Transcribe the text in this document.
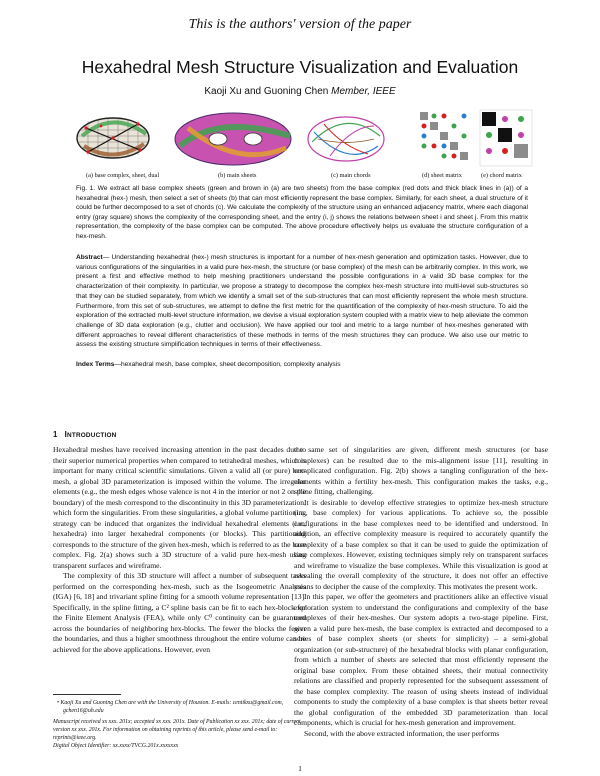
This is the authors' version of the paper
Hexahedral Mesh Structure Visualization and Evaluation
Kaoji Xu and Guoning Chen Member, IEEE
(a) base complex, sheet, dual	(b) main sheets	(c) main chords	(d) sheet matrix	(e) chord matrix
Fig. 1. We extract all base complex sheets (green and brown in (a) are two sheets) from the base complex (red dots and thick black lines in (a)) of a hexahedral (hex-) mesh, then select a set of sheets (b) that can most efficiently represent the base complex. Similarly, for each sheet, a dual structure of it could be further decomposed to a set of chords (c). We calculate the complexity of the structure using an enhanced adjacency matrix, where each diagonal entry (gray square) shows the complexity of the corresponding sheet, and the entry (i, j) shows the relations between sheet i and sheet j. From this matrix representation, the complexity of the base complex can be computed. The above procedure effectively helps us evaluate the structure configuration of a hex-mesh.
Abstract— Understanding hexahedral (hex-) mesh structures is important for a number of hex-mesh generation and optimization tasks. However, due to various configurations of the singularities in a valid pure hex-mesh, the structure (or base complex) of the mesh can be arbitrarily complex. In this work, we present a first and effective method to help meshing practitioners understand the possible configurations in a valid 3D base complex for the characterization of their complexity. In particular, we propose a strategy to decompose the complex hex-mesh structure into multi-level sub-structures so that they can be studied separately, from which we identify a small set of the sub-structures that can most efficiently represent the whole mesh structure. Furthermore, from this set of sub-structures, we attempt to define the first metric for the quantification of the complexity of hex-mesh structure. To aid the exploration of the extracted multi-level structure information, we devise a visual exploration system coupled with a matrix view to help alleviate the common challenge of 3D data exploration (e.g., clutter and occlusion). We have applied our tool and metric to a large number of hex-meshes generated with different approaches to reveal different characteristics of these methods in terms of the mesh structures they can produce. We also use our metric to assess the existing structure simplification techniques in terms of their effectiveness.
Index Terms—hexahedral mesh, base complex, sheet decomposition, complexity analysis
1 INTRODUCTION

Hexahedral meshes have received increasing attention in the past decades due to their superior numerical properties when compared to tetrahedral meshes, which is important for many critical scientific simulations. Given a valid all (or pure) hex-mesh, a global 3D parameterization is imposed within the volume. The irregular elements (e.g., the mesh edges whose valence is not 4 in the interior or not 2 on the boundary) of the mesh correspond to the discontinuity in this 3D parameterization, which form the singularities. From these singularities, a global volume partitioning strategy can be induced that organizes the individual hexahedral elements (i.e., hexahedra) into larger hexahedral components (or blocks). This partitioning corresponds to the structure of the given hex-mesh, which is referred to as the base complex. Fig. 2(a) shows such a 3D structure of a valid pure hex-mesh using transparent surfaces and wireframe.

The complexity of this 3D structure will affect a number of subsequent tasks performed on the corresponding hex-mesh, such as the Isogeometric Analysis (IGA) [6, 18] and trivariant spline fitting for a smooth volume representation [13]. Specifically, in the spline fitting, a C² spline basis can be fit to each hex-block for the Finite Element Analysis (FEA), while only C⁰ continuity can be guaranteed across the boundaries of neighboring hex-blocks. The fewer the blocks the fewer the boundaries, and thus a higher smoothness throughout the entire volume can be achieved for the above applications. However, even

the same set of singularities are given, different mesh structures (or base complexes) can be resulted due to the mis-alignment issue [11], resulting in complicated configuration. Fig. 2(b) shows a tangling configuration of the hex-elements within a fertility hex-mesh. This configuration makes the tasks, e.g., spline fitting, challenging.

It is desirable to develop effective strategies to optimize hex-mesh structure (i.e., base complex) for various applications. To achieve so, the possible configurations in the base complexes need to be identified and understood. In addition, an effective complexity measure is required to accurately quantify the complexity of a base complex so that it can be used to guide the optimization of base complexes. However, existing techniques simply rely on transparent surfaces and wireframe to visualize the base complexes. While this visualization is good at revealing the overall complexity of the structure, it does not offer an effective means to decipher the cause of the complexity. This motivates the present work.

In this paper, we offer the geometers and practitioners alike an effective visual exploration system to understand the configurations and complexity of the base complexes of their hex-meshes. Our system adopts a two-stage pipeline. First, given a valid pure hex-mesh, the base complex is extracted and decomposed to a series of base complex sheets (or sheets for simplicity) – a semi-global organization (or sub-structure) of the hexahedral blocks with planar configuration, from which a number of sheets are selected that most efficiently represent the original base complex. From these obtained sheets, their mutual connectivity relations are classified and properly represented for the subsequent assessment of the base complex complexity. The reason of using sheets instead of individual components to study the complexity of a base complex is that sheets better reveal the global configuration of the embedded 3D parameterization than local components, which is crucial for hex-mesh generation and improvement.

Second, with the above extracted information, the user performs

• Kaoji Xu and Guoning Chen are with the University of Houston. E-mails: centikxu@gmail.com, gchen16@uh.edu
Manuscript received xx xxx. 201x; accepted xx xxx. 201x. Date of Publication xx xxx. 201x; date of current version xx xxx. 201x. For information on obtaining reprints of this article, please send e-mail to: reprints@ieee.org.
Digital Object Identifier: xx.xxxx/TVCG.201x.xxxxxxx
1
